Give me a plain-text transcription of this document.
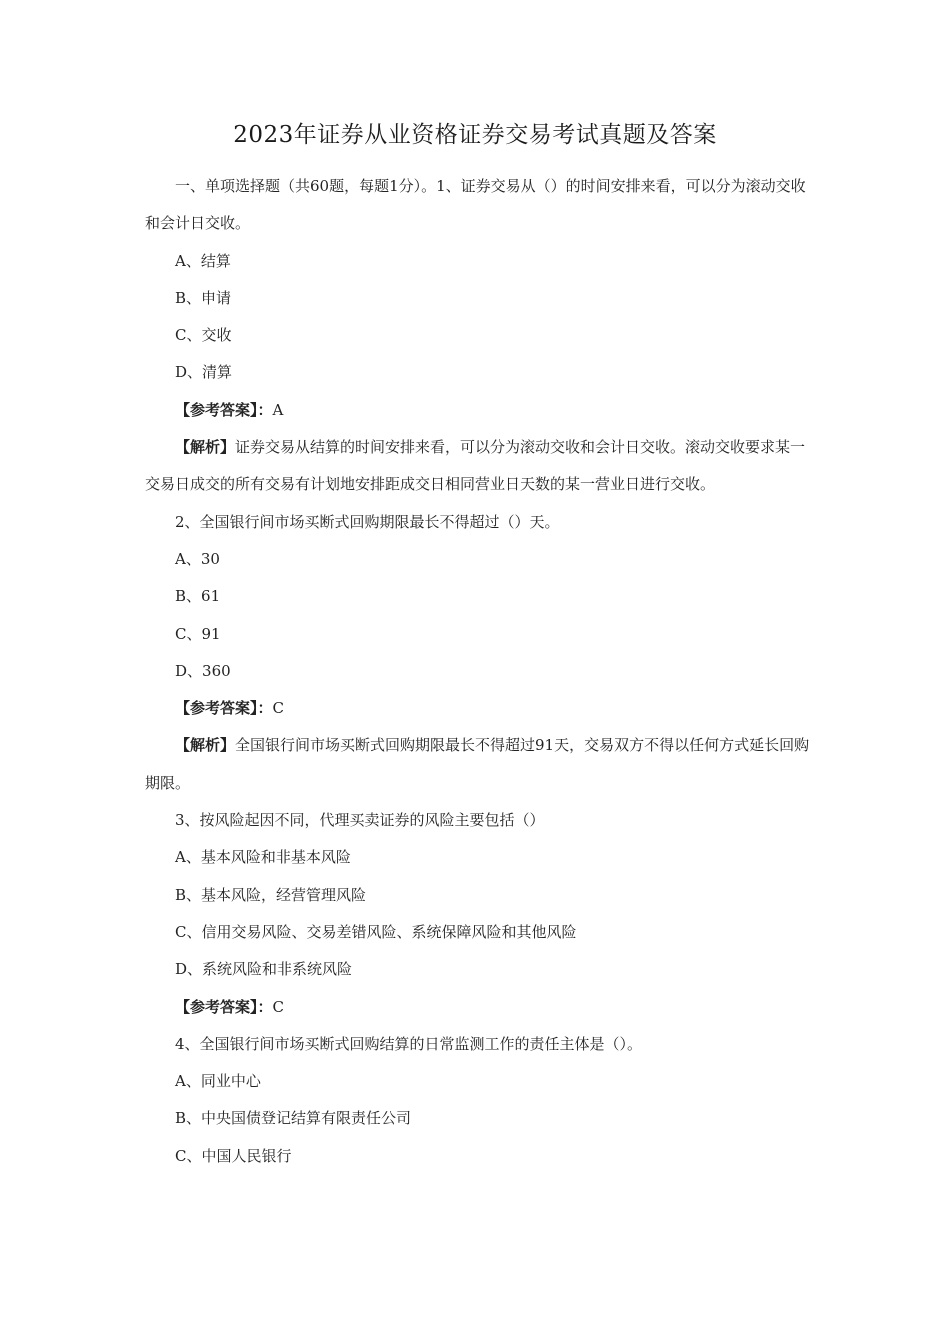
2023年证券从业资格证券交易考试真题及答案

一、单项选择题（共60题，每题1分）。1、证券交易从（）的时间安排来看，可以分为滚动交收和会计日交收。

A、结算

B、申请

C、交收

D、清算

【参考答案】：A

【解析】证券交易从结算的时间安排来看，可以分为滚动交收和会计日交收。滚动交收要求某一交易日成交的所有交易有计划地安排距成交日相同营业日天数的某一营业日进行交收。

2、全国银行间市场买断式回购期限最长不得超过（）天。

A、30

B、61

C、91

D、360

【参考答案】：C

【解析】全国银行间市场买断式回购期限最长不得超过91天，交易双方不得以任何方式延长回购期限。

3、按风险起因不同，代理买卖证券的风险主要包括（）

A、基本风险和非基本风险

B、基本风险，经营管理风险

C、信用交易风险、交易差错风险、系统保障风险和其他风险

D、系统风险和非系统风险

【参考答案】：C

4、全国银行间市场买断式回购结算的日常监测工作的责任主体是（）。

A、同业中心

B、中央国债登记结算有限责任公司

C、中国人民银行
